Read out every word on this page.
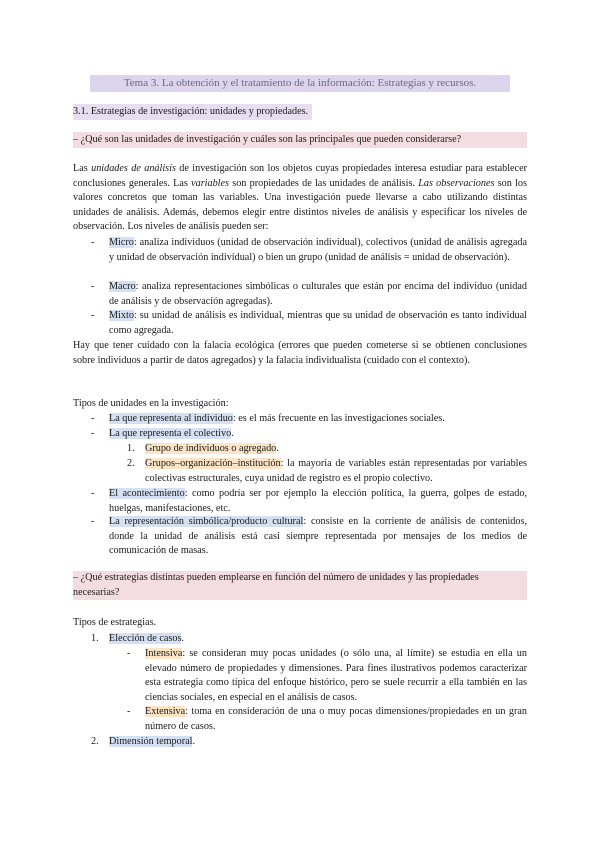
Tema 3. La obtención y el tratamiento de la información: Estrategias y recursos.
3.1. Estrategias de investigación: unidades y propiedades.
– ¿Qué son las unidades de investigación y cuáles son las principales que pueden considerarse?
Las unidades de análisis de investigación son los objetos cuyas propiedades interesa estudiar para establecer conclusiones generales. Las variables son propiedades de las unidades de análisis. Las observaciones son los valores concretos que toman las variables. Una investigación puede llevarse a cabo utilizando distintas unidades de análisis. Además, debemos elegir entre distintos niveles de análisis y especificar los niveles de observación. Los niveles de análisis pueden ser:
- Micro: analiza individuos (unidad de observación individual), colectivos (unidad de análisis agregada y unidad de observación individual) o bien un grupo (unidad de análisis = unidad de observación).
- Macro: analiza representaciones simbólicas o culturales que están por encima del individuo (unidad de análisis y de observación agregadas).
- Mixto: su unidad de análisis es individual, mientras que su unidad de observación es tanto individual como agregada.
Hay que tener cuidado con la falacia ecológica (errores que pueden cometerse si se obtienen conclusiones sobre individuos a partir de datos agregados) y la falacia individualista (cuidado con el contexto).
Tipos de unidades en la investigación:
- La que representa al individuo: es el más frecuente en las investigaciones sociales.
- La que representa el colectivo.
1. Grupo de individuos o agregado.
2. Grupos–organización–institución: la mayoría de variables están representadas por variables colectivas estructurales, cuya unidad de registro es el propio colectivo.
- El acontecimiento: como podría ser por ejemplo la elección política, la guerra, golpes de estado, huelgas, manifestaciones, etc.
- La representación simbólica/producto cultural: consiste en la corriente de análisis de contenidos, donde la unidad de análisis está casi siempre representada por mensajes de los medios de comunicación de masas.
– ¿Qué estrategias distintas pueden emplearse en función del número de unidades y las propiedades necesarias?
Tipos de estrategias.
1. Elección de casos.
- Intensiva: se consideran muy pocas unidades (o sólo una, al límite) se estudia en ella un elevado número de propiedades y dimensiones. Para fines ilustrativos podemos caracterizar esta estrategia como típica del enfoque histórico, pero se suele recurrir a ella también en las ciencias sociales, en especial en el análisis de casos.
- Extensiva: toma en consideración de una o muy pocas dimensiones/propiedades en un gran número de casos.
2. Dimensión temporal.
